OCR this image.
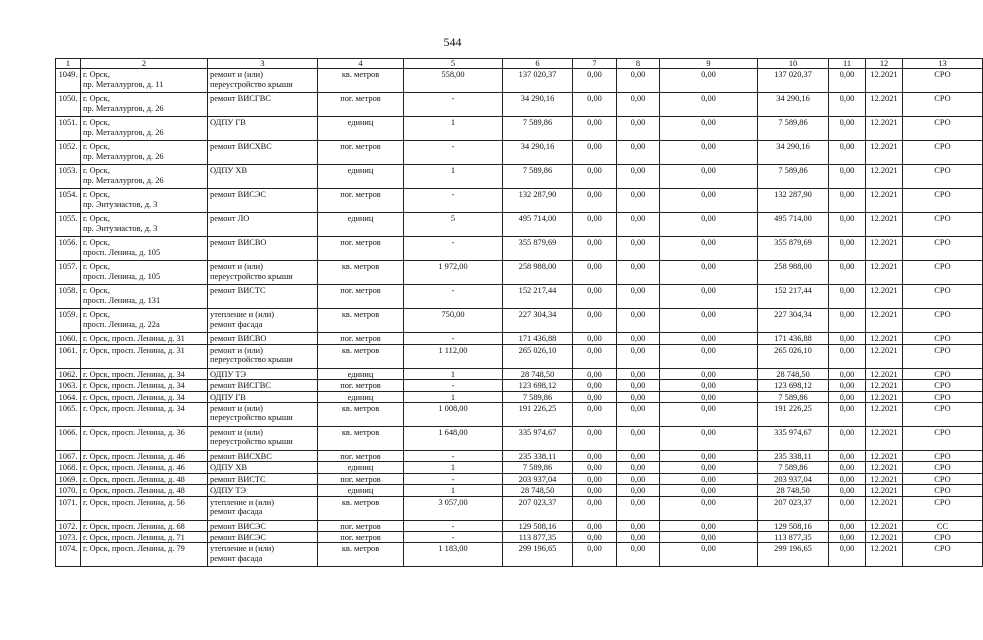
544
1	2	3	4	5	6	7	8	9	10	11	12	13
1049.	г. Орск,
пр. Металлургов, д. 11	ремонт и (или)
переустройство крыши	кв. метров	558,00	137 020,37	0,00	0,00	0,00	137 020,37	0,00	12.2021	СРО
1050.	г. Орск,
пр. Металлургов, д. 26	ремонт ВИСГВС	пог. метров	-	34 290,16	0,00	0,00	0,00	34 290,16	0,00	12.2021	СРО
1051.	г. Орск,
пр. Металлургов, д. 26	ОДПУ ГВ	единиц	1	7 589,86	0,00	0,00	0,00	7 589,86	0,00	12.2021	СРО
1052.	г. Орск,
пр. Металлургов, д. 26	ремонт ВИСХВС	пог. метров	-	34 290,16	0,00	0,00	0,00	34 290,16	0,00	12.2021	СРО
1053.	г. Орск,
пр. Металлургов, д. 26	ОДПУ ХВ	единиц	1	7 589,86	0,00	0,00	0,00	7 589,86	0,00	12.2021	СРО
1054.	г. Орск,
пр. Энтузиастов, д. 3	ремонт ВИСЭС	пог. метров	-	132 287,90	0,00	0,00	0,00	132 287,90	0,00	12.2021	СРО
1055.	г. Орск,
пр. Энтузиастов, д. 3	ремонт ЛО	единиц	5	495 714,00	0,00	0,00	0,00	495 714,00	0,00	12.2021	СРО
1056.	г. Орск,
просп. Ленина, д. 105	ремонт ВИСВО	пог. метров	-	355 879,69	0,00	0,00	0,00	355 879,69	0,00	12.2021	СРО
1057.	г. Орск,
просп. Ленина, д. 105	ремонт и (или)
переустройство крыши	кв. метров	1 972,00	258 988,00	0,00	0,00	0,00	258 988,00	0,00	12.2021	СРО
1058.	г. Орск,
просп. Ленина, д. 131	ремонт ВИСТС	пог. метров	-	152 217,44	0,00	0,00	0,00	152 217,44	0,00	12.2021	СРО
1059.	г. Орск,
просп. Ленина, д. 22а	утепление и (или)
ремонт фасада	кв. метров	750,00	227 304,34	0,00	0,00	0,00	227 304,34	0,00	12.2021	СРО
1060.	г. Орск, просп. Ленина, д. 31	ремонт ВИСВО	пог. метров	-	171 436,88	0,00	0,00	0,00	171 436,88	0,00	12.2021	СРО
1061.	г. Орск, просп. Ленина, д. 31	ремонт и (или)
переустройство крыши	кв. метров	1 112,00	265 026,10	0,00	0,00	0,00	265 026,10	0,00	12.2021	СРО
1062.	г. Орск, просп. Ленина, д. 34	ОДПУ ТЭ	единиц	1	28 748,50	0,00	0,00	0,00	28 748,50	0,00	12.2021	СРО
1063.	г. Орск, просп. Ленина, д. 34	ремонт ВИСГВС	пог. метров	-	123 698,12	0,00	0,00	0,00	123 698,12	0,00	12.2021	СРО
1064.	г. Орск, просп. Ленина, д. 34	ОДПУ ГВ	единиц	1	7 589,86	0,00	0,00	0,00	7 589,86	0,00	12.2021	СРО
1065.	г. Орск, просп. Ленина, д. 34	ремонт и (или)
переустройство крыши	кв. метров	1 008,00	191 226,25	0,00	0,00	0,00	191 226,25	0,00	12.2021	СРО
1066.	г. Орск, просп. Ленина, д. 36	ремонт и (или)
переустройство крыши	кв. метров	1 648,00	335 974,67	0,00	0,00	0,00	335 974,67	0,00	12.2021	СРО
1067.	г. Орск, просп. Ленина, д. 46	ремонт ВИСХВС	пог. метров	-	235 338,11	0,00	0,00	0,00	235 338,11	0,00	12.2021	СРО
1068.	г. Орск, просп. Ленина, д. 46	ОДПУ ХВ	единиц	1	7 589,86	0,00	0,00	0,00	7 589,86	0,00	12.2021	СРО
1069.	г. Орск, просп. Ленина, д. 48	ремонт ВИСТС	пог. метров	-	203 937,04	0,00	0,00	0,00	203 937,04	0,00	12.2021	СРО
1070.	г. Орск, просп. Ленина, д. 48	ОДПУ ТЭ	единиц	1	28 748,50	0,00	0,00	0,00	28 748,50	0,00	12.2021	СРО
1071.	г. Орск, просп. Ленина, д. 56	утепление и (или)
ремонт фасада	кв. метров	3 057,00	207 023,37	0,00	0,00	0,00	207 023,37	0,00	12.2021	СРО
1072.	г. Орск, просп. Ленина, д. 68	ремонт ВИСЭС	пог. метров	-	129 508,16	0,00	0,00	0,00	129 508,16	0,00	12.2021	СС
1073.	г. Орск, просп. Ленина, д. 71	ремонт ВИСЭС	пог. метров	-	113 877,35	0,00	0,00	0,00	113 877,35	0,00	12.2021	СРО
1074.	г. Орск, просп. Ленина, д. 79	утепление и (или)
ремонт фасада	кв. метров	1 183,00	299 196,65	0,00	0,00	0,00	299 196,65	0,00	12.2021	СРО
